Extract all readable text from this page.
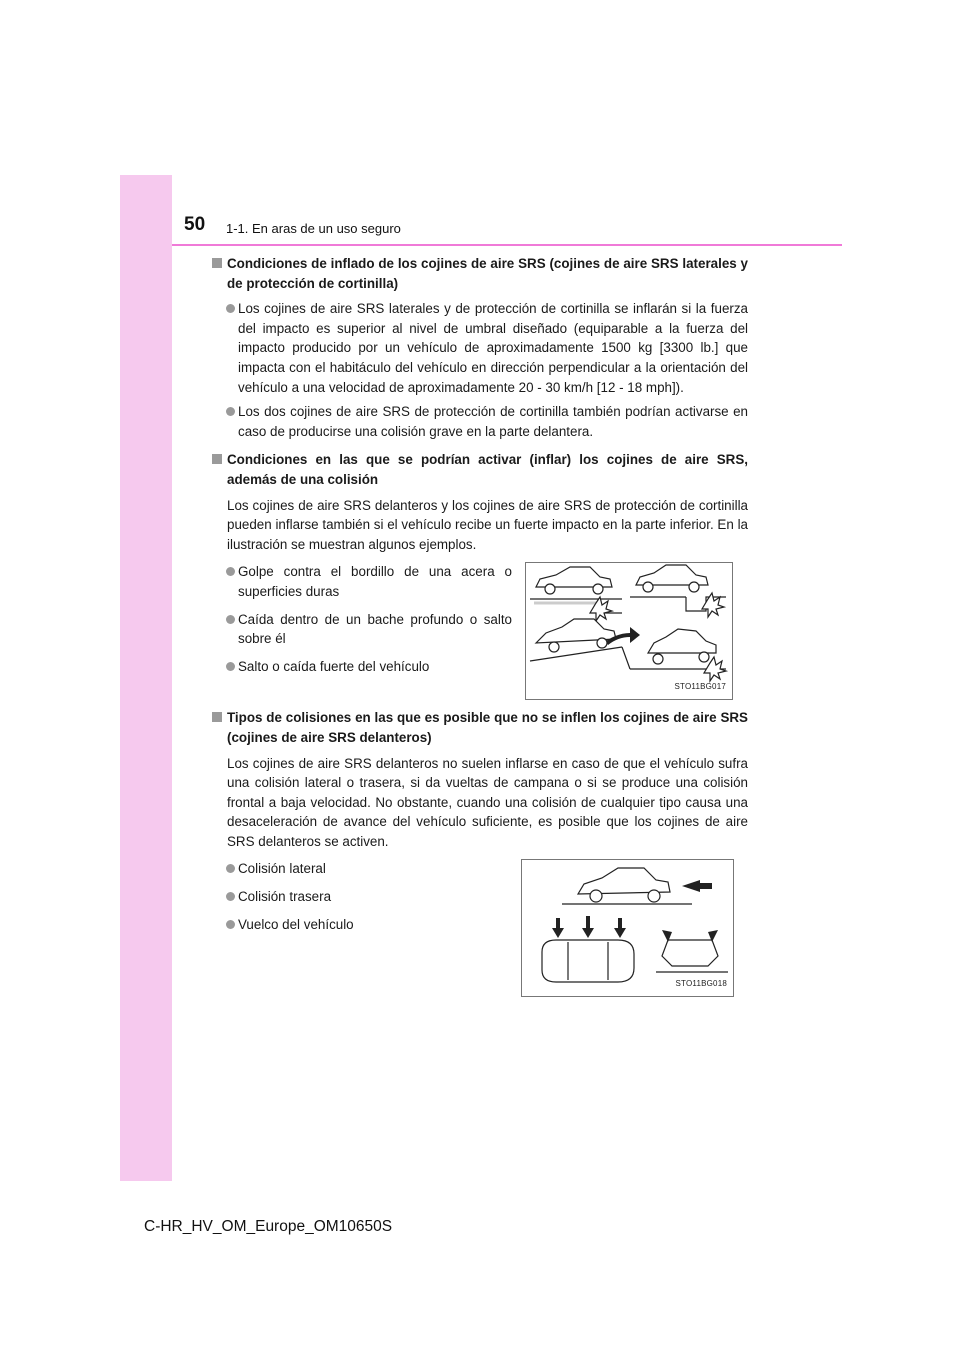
50 1-1. En aras de un uso seguro
Condiciones de inflado de los cojines de aire SRS (cojines de aire SRS laterales y de protección de cortinilla)
Los cojines de aire SRS laterales y de protección de cortinilla se inflarán si la fuerza del impacto es superior al nivel de umbral diseñado (equiparable a la fuerza del impacto producido por un vehículo de aproximadamente 1500 kg [3300 lb.] que impacta con el habitáculo del vehículo en dirección perpendicular a la orientación del vehículo a una velocidad de aproximadamente 20 - 30 km/h [12 - 18 mph]).
Los dos cojines de aire SRS de protección de cortinilla también podrían activarse en caso de producirse una colisión grave en la parte delantera.
Condiciones en las que se podrían activar (inflar) los cojines de aire SRS, además de una colisión
Los cojines de aire SRS delanteros y los cojines de aire SRS de protección de cortinilla pueden inflarse también si el vehículo recibe un fuerte impacto en la parte inferior. En la ilustración se muestran algunos ejemplos.
Golpe contra el bordillo de una acera o superficies duras
Caída dentro de un bache profundo o salto sobre él
Salto o caída fuerte del vehículo
STO11BG017
Tipos de colisiones en las que es posible que no se inflen los cojines de aire SRS (cojines de aire SRS delanteros)
Los cojines de aire SRS delanteros no suelen inflarse en caso de que el vehículo sufra una colisión lateral o trasera, si da vueltas de campana o si se produce una colisión frontal a baja velocidad. No obstante, cuando una colisión de cualquier tipo causa una desaceleración de avance del vehículo suficiente, es posible que los cojines de aire SRS delanteros se activen.
Colisión lateral
Colisión trasera
Vuelco del vehículo
STO11BG018
C-HR_HV_OM_Europe_OM10650S
